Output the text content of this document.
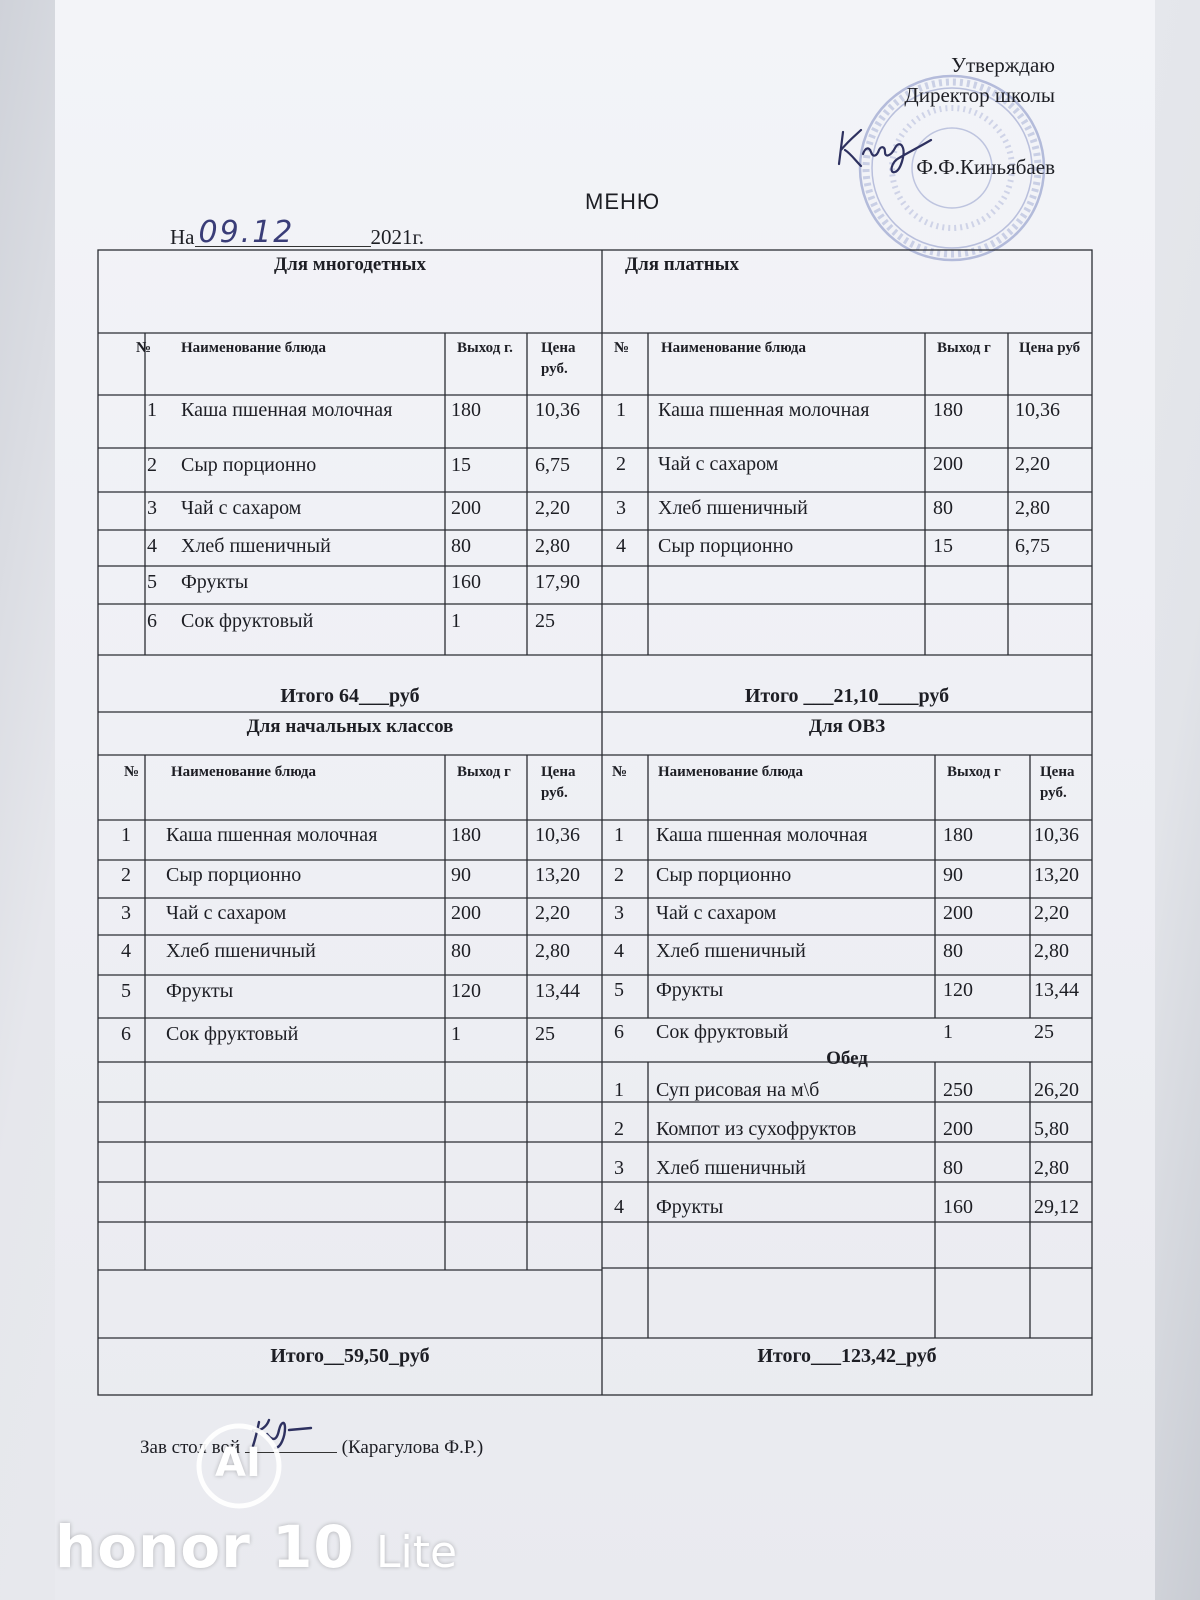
Утверждаю
Директор школы
Ф.Ф.Киньябаев
МЕНЮ
На 09.12	2021г.
Для многодетных	Для платных
№	Наименование блюда	Выход г.	Цена руб.
№	Наименование блюда	Выход г	Цена руб
1	Каша пшенная молочная	180	10,36
2	Сыр порционно	15	6,75
3	Чай с сахаром	200	2,20
4	Хлеб пшеничный	80	2,80
5	Фрукты	160	17,90
6	Сок фруктовый	1	25
1	Каша пшенная молочная	180	10,36
2	Чай с сахаром	200	2,20
3	Хлеб пшеничный	80	2,80
4	Сыр порционно	15	6,75
Итого 64___руб	Итого ___21,10____руб
Для начальных классов	Для ОВЗ
№	Наименование блюда	Выход г	Цена руб.
№	Наименование блюда	Выход г	Цена руб.
1	Каша пшенная молочная	180	10,36
2	Сыр порционно	90	13,20
3	Чай с сахаром	200	2,20
4	Хлеб пшеничный	80	2,80
5	Фрукты	120	13,44
6	Сок фруктовый	1	25
1	Каша пшенная молочная	180	10,36
2	Сыр порционно	90	13,20
3	Чай с сахаром	200	2,20
4	Хлеб пшеничный	80	2,80
5	Фрукты	120	13,44
6	Сок фруктовый	1	25
Обед
1	Суп рисовая на м\б	250	26,20
2	Компот из сухофруктов	200	5,80
3	Хлеб пшеничный	80	2,80
4	Фрукты	160	29,12
Итого__59,50_руб	Итого___123,42_руб
Зав стол вой	(Карагулова Ф.Р.)
AI
honor 10 Lite
